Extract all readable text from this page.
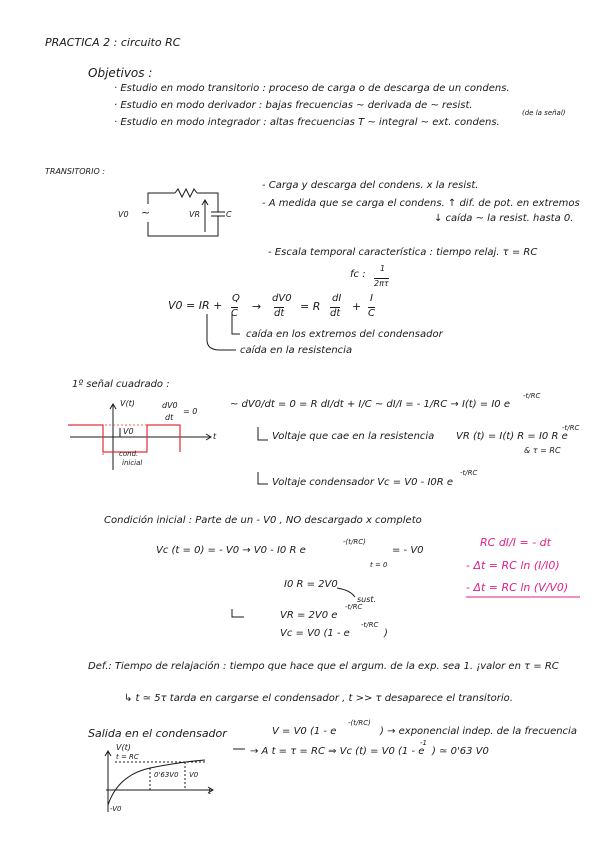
PRACTICA 2 : circuito RC
Objetivos :
· Estudio en modo transitorio : proceso de carga o de descarga de un condens.
· Estudio en modo derivador : bajas frecuencias ~ derivada de ~ resist.
(de la señal)
· Estudio en modo integrador : altas frecuencias T ~ integral ~ ext. condens.
TRANSITORIO :
V0 ~	VR	C
- Carga y descarga del condens. x la resist.
- A medida que se carga el condens. ↑ dif. de pot. en extremos
↓ caída ~ la resist. hasta 0.
- Escala temporal característica : tiempo relaj. τ = RC
fc :
1
2πτ
V0 = IR +
Q
C
→
dV0
dt
= R
dI
dt
+
I
C
caída en los extremos del condensador
caída en la resistencia
1º señal cuadrado :
V(t)	dV0
dt
= 0
V0
cond.
inicial
t
~ dV0/dt = 0 = R dI/dt + I/C ~ dI/I = - 1/RC → I(t) = I0 e
-t/RC
Voltaje que cae en la resistencia VR (t) = I(t) R = I0 R e
-t/RC
& τ = RC
Voltaje condensador Vc = V0 - I0R e
-t/RC
Condición inicial : Parte de un - V0 , NO descargado x completo
Vc (t = 0) = - V0 → V0 - I0 R e
-(t/RC)
t = 0
= - V0
I0 R = 2V0
sust.
VR = 2V0 e
-t/RC
Vc = V0 (1 - e
-t/RC
)
RC dI/I = - dt
- Δt = RC ln (I/I0)
- Δt = RC ln (V/V0)
Def.: Tiempo de relajación : tiempo que hace que el argum. de la exp. sea 1. ¡valor en τ = RC
↳ t ≃ 5τ tarda en cargarse el condensador , t >> τ desaparece el transitorio.
Salida en el condensador	V = V0 (1 - e
-(t/RC)
) → exponencial indep. de la frecuencia
→ A t = τ = RC ⇒ Vc (t) = V0 (1 - e
-1
) ≃ 0'63 V0
V(t)
t = RC
0'63V0 V0
t
-V0
